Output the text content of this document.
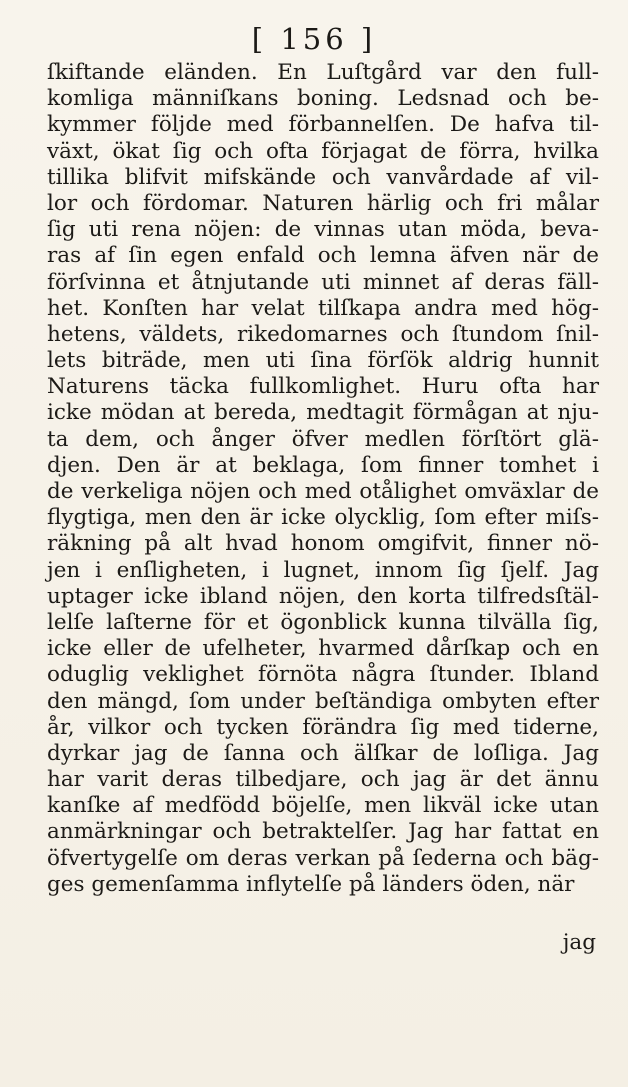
[ 156 ]
ſkiftande eländen. En Luſtgård var den full-
komliga männiſkans boning. Ledsnad och be-
kymmer följde med förbannelſen. De hafva til-
växt, ökat ſig och ofta förjagat de förra, hvilka
tillika blifvit mifskände och vanvårdade af vil-
lor och fördomar. Naturen härlig och fri målar
ſig uti rena nöjen: de vinnas utan möda, beva-
ras af ſin egen enfald och lemna äfven när de
förſvinna et åtnjutande uti minnet af deras fäll-
het. Konſten har velat tilſkapa andra med hög-
hetens, väldets, rikedomarnes och ſtundom ſnil-
lets biträde, men uti ſina förſök aldrig hunnit
Naturens täcka fullkomlighet. Huru ofta har
icke mödan at bereda, medtagit förmågan at nju-
ta dem, och ånger öfver medlen förſtört glä-
djen. Den är at beklaga, ſom finner tomhet i
de verkeliga nöjen och med otålighet omväxlar de
flygtiga, men den är icke olycklig, ſom efter miſs-
räkning på alt hvad honom omgifvit, finner nö-
jen i enſligheten, i lugnet, innom ſig ſjelf. Jag
uptager icke ibland nöjen, den korta tilfredsſtäl-
lelſe laſterne för et ögonblick kunna tilvälla ſig,
icke eller de ufelheter, hvarmed dårſkap och en
oduglig veklighet förnöta några ſtunder. Ibland
den mängd, ſom under beſtändiga ombyten efter
år, vilkor och tycken förändra ſig med tiderne,
dyrkar jag de ſanna och älſkar de loſliga. Jag
har varit deras tilbedjare, och jag är det ännu
kanſke af medfödd böjelſe, men likväl icke utan
anmärkningar och betraktelſer. Jag har fattat en
öfvertygelſe om deras verkan på ſederna och bäg-
ges gemenſamma inflytelſe på länders öden, när
jag
